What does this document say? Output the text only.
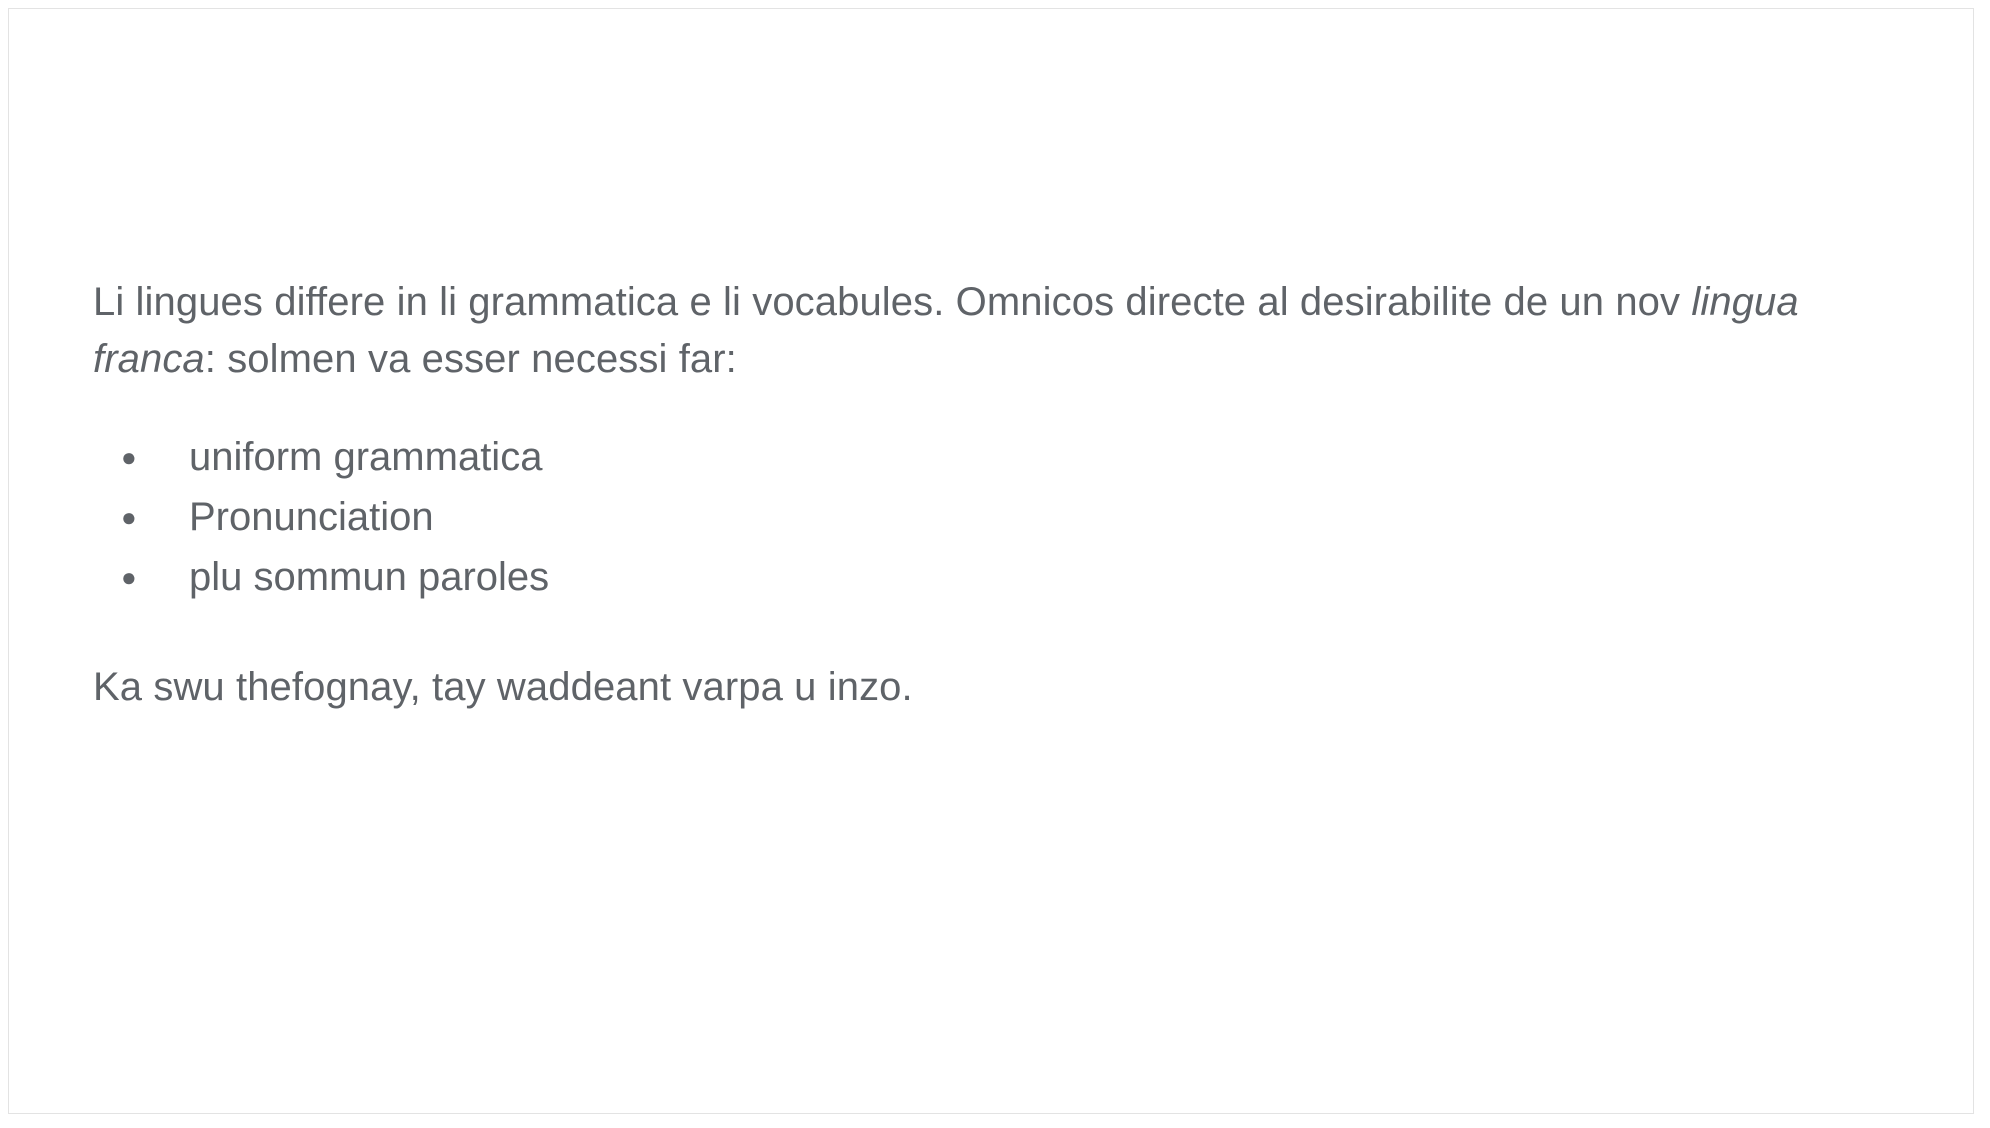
Li lingues differe in li grammatica e li vocabules. Omnicos directe al desirabilite de un nov lingua franca: solmen va esser necessi far:

● uniform grammatica
● Pronunciation
● plu sommun paroles

Ka swu thefognay, tay waddeant varpa u inzo.
